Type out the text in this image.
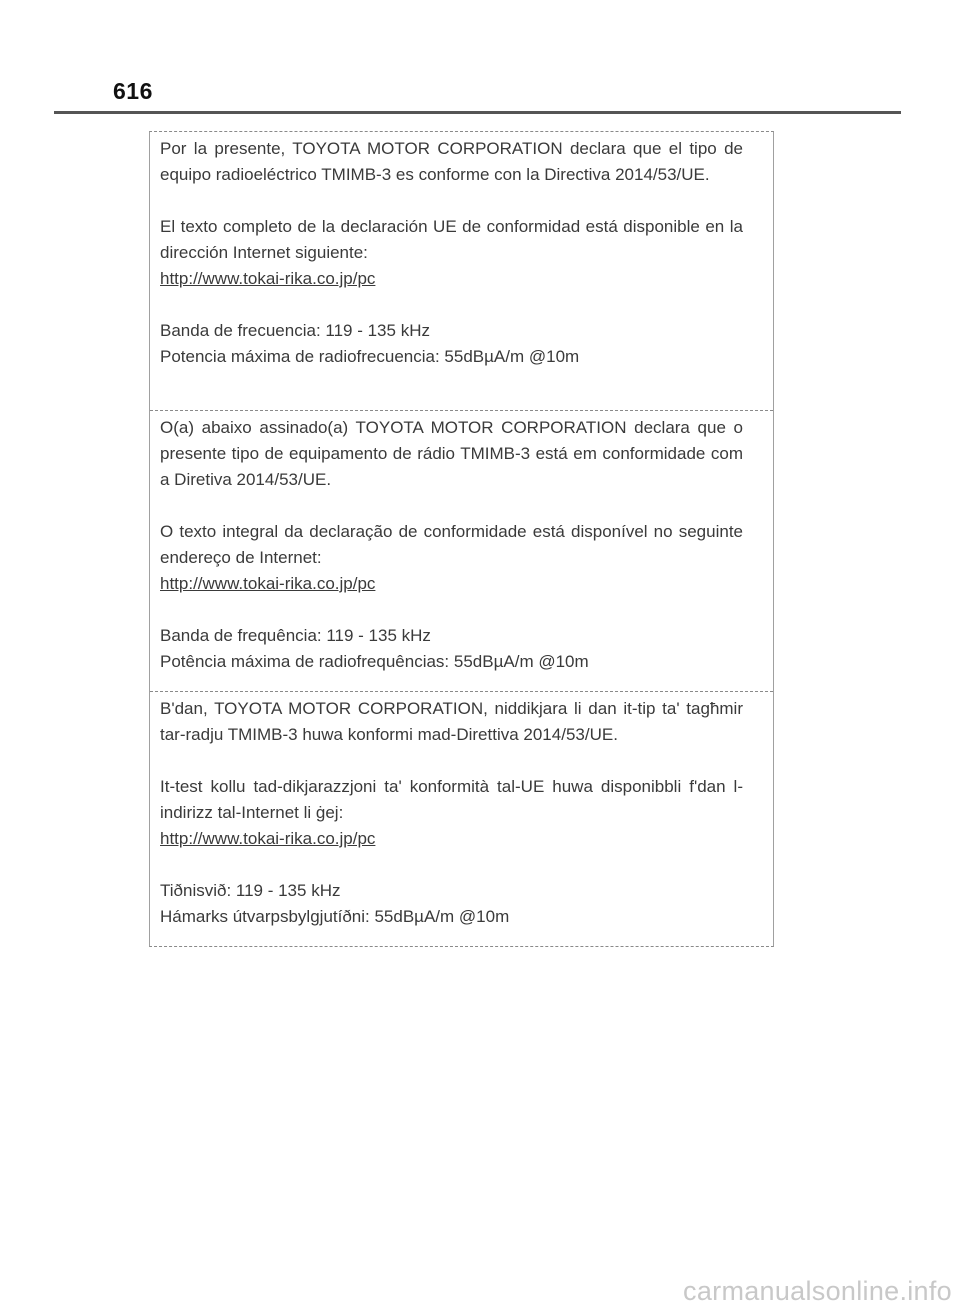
616

Por la presente, TOYOTA MOTOR CORPORATION declara que el tipo de equipo radioeléctrico TMIMB-3 es conforme con la Directiva 2014/53/UE.

El texto completo de la declaración UE de conformidad está disponible en la dirección Internet siguiente:

http://www.tokai-rika.co.jp/pc

Banda de frecuencia: 119 - 135 kHz

Potencia máxima de radiofrecuencia: 55dBµA/m @10m

O(a) abaixo assinado(a) TOYOTA MOTOR CORPORATION declara que o presente tipo de equipamento de rádio TMIMB-3 está em conformidade com a Diretiva 2014/53/UE.

O texto integral da declaração de conformidade está disponível no seguinte endereço de Internet:

http://www.tokai-rika.co.jp/pc

Banda de frequência: 119 - 135 kHz

Potência máxima de radiofrequências: 55dBµA/m @10m

B'dan, TOYOTA MOTOR CORPORATION, niddikjara li dan it-tip ta' tagħmir tar-radju TMIMB-3 huwa konformi mad-Direttiva 2014/53/UE.

It-test kollu tad-dikjarazzjoni ta' konformità tal-UE huwa disponibbli f'dan l-indirizz tal-Internet li ġej:

http://www.tokai-rika.co.jp/pc

Tiðnisvið: 119 - 135 kHz

Hámarks útvarpsbylgjutíðni: 55dBµA/m @10m

carmanualsonline.info
